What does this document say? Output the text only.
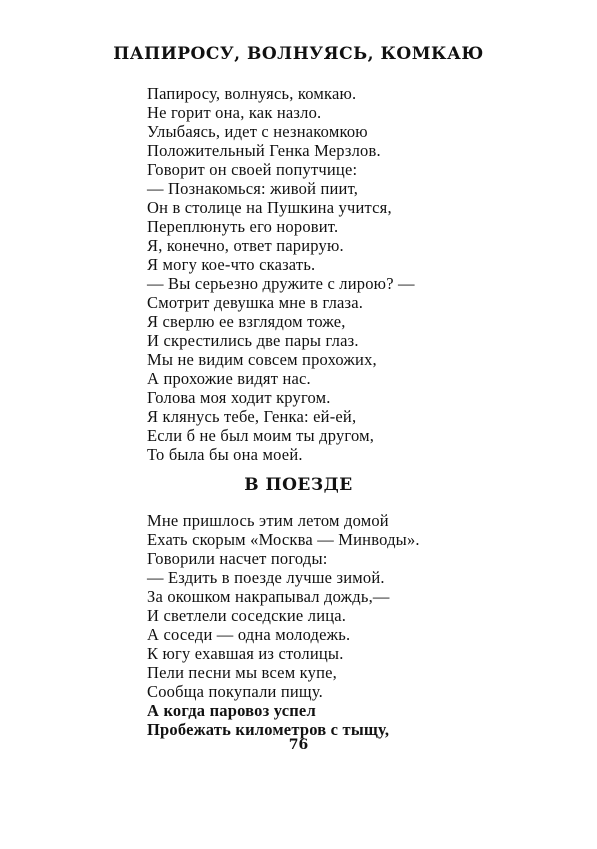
ПАПИРОСУ, ВОЛНУЯСЬ, КОМКАЮ
Папиросу, волнуясь, комкаю.
Не горит она, как назло.
Улыбаясь, идет с незнакомкою
Положительный Генка Мерзлов.
Говорит он своей попутчице:
— Познакомься: живой пиит,
Он в столице на Пушкина учится,
Переплюнуть его норовит.
Я, конечно, ответ парирую.
Я могу кое-что сказать.
— Вы серьезно дружите с лирою? —
Смотрит девушка мне в глаза.
Я сверлю ее взглядом тоже,
И скрестились две пары глаз.
Мы не видим совсем прохожих,
А прохожие видят нас.
Голова моя ходит кругом.
Я клянусь тебе, Генка: ей-ей,
Если б не был моим ты другом,
То была бы она моей.
В ПОЕЗДЕ
Мне пришлось этим летом домой
Ехать скорым «Москва — Минводы».
Говорили насчет погоды:
— Ездить в поезде лучше зимой.
За окошком накрапывал дождь,—
И светлели соседские лица.
А соседи — одна молодежь.
К югу ехавшая из столицы.
Пели песни мы всем купе,
Сообща покупали пищу.
А когда паровоз успел
Пробежать километров с тыщу,
76
